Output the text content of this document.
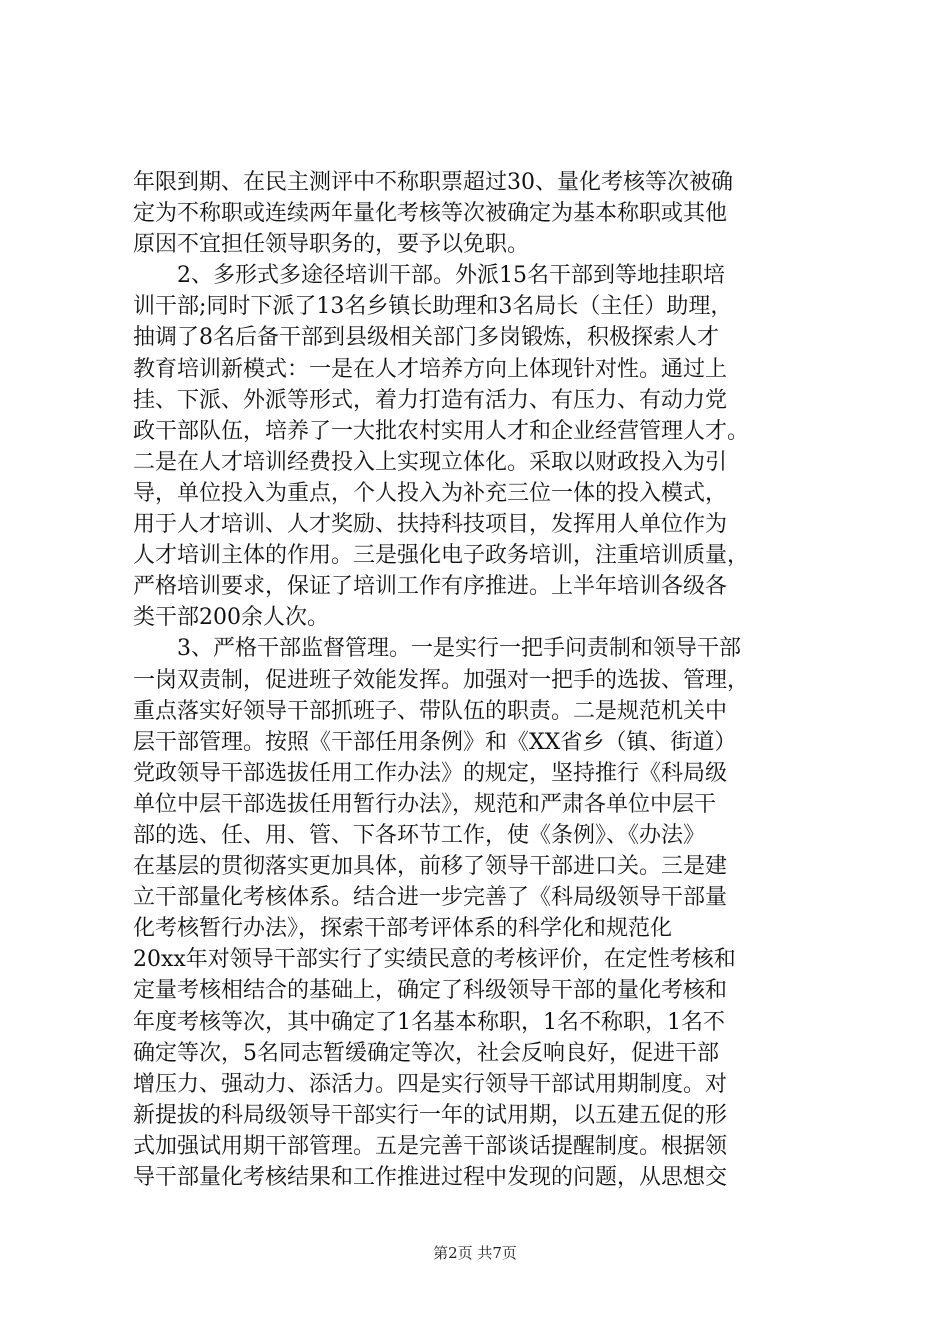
年限到期、在民主测评中不称职票超过30、量化考核等次被确
定为不称职或连续两年量化考核等次被确定为基本称职或其他
原因不宜担任领导职务的，要予以免职。
　　2、多形式多途径培训干部。外派15名干部到等地挂职培
训干部;同时下派了13名乡镇长助理和3名局长（主任）助理，
抽调了8名后备干部到县级相关部门多岗锻炼，积极探索人才
教育培训新模式：一是在人才培养方向上体现针对性。通过上
挂、下派、外派等形式，着力打造有活力、有压力、有动力党
政干部队伍，培养了一大批农村实用人才和企业经营管理人才。
二是在人才培训经费投入上实现立体化。采取以财政投入为引
导，单位投入为重点，个人投入为补充三位一体的投入模式，
用于人才培训、人才奖励、扶持科技项目，发挥用人单位作为
人才培训主体的作用。三是强化电子政务培训，注重培训质量，
严格培训要求，保证了培训工作有序推进。上半年培训各级各
类干部200余人次。
　　3、严格干部监督管理。一是实行一把手问责制和领导干部
一岗双责制，促进班子效能发挥。加强对一把手的选拔、管理，
重点落实好领导干部抓班子、带队伍的职责。二是规范机关中
层干部管理。按照《干部任用条例》和《XX省乡（镇、街道）
党政领导干部选拔任用工作办法》的规定，坚持推行《科局级
单位中层干部选拔任用暂行办法》，规范和严肃各单位中层干
部的选、任、用、管、下各环节工作，使《条例》、《办法》
在基层的贯彻落实更加具体，前移了领导干部进口关。三是建
立干部量化考核体系。结合进一步完善了《科局级领导干部量
化考核暂行办法》，探索干部考评体系的科学化和规范化
20xx年对领导干部实行了实绩民意的考核评价，在定性考核和
定量考核相结合的基础上，确定了科级领导干部的量化考核和
年度考核等次，其中确定了1名基本称职，1名不称职，1名不
确定等次，5名同志暂缓确定等次，社会反响良好，促进干部
增压力、强动力、添活力。四是实行领导干部试用期制度。对
新提拔的科局级领导干部实行一年的试用期，以五建五促的形
式加强试用期干部管理。五是完善干部谈话提醒制度。根据领
导干部量化考核结果和工作推进过程中发现的问题，从思想交
第2页 共7页
